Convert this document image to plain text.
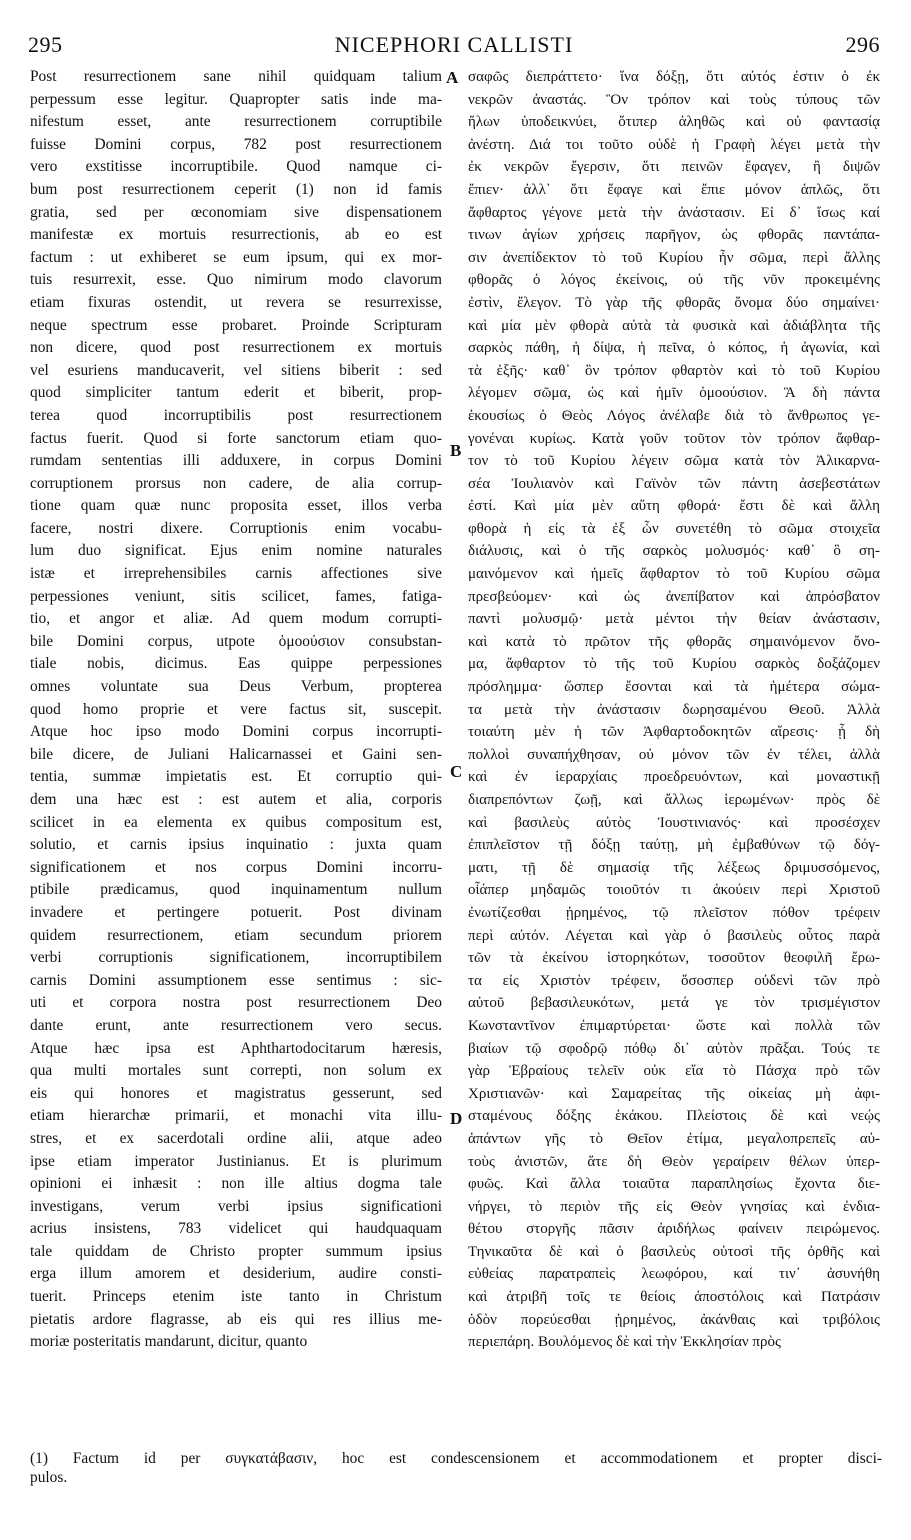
295	NICEPHORI CALLISTI	296
Post resurrectionem sane nihil quidquam talium
perpessum esse legitur. Quapropter satis inde ma-
nifestum esset, ante resurrectionem corruptibile
fuisse Domini corpus, 782 post resurrectionem
vero exstitisse incorruptibile. Quod namque ci-
bum post resurrectionem ceperit (1) non id famis
gratia, sed per œconomiam sive dispensationem
manifestæ ex mortuis resurrectionis, ab eo est
factum : ut exhiberet se eum ipsum, qui ex mor-
tuis resurrexit, esse. Quo nimirum modo clavorum
etiam fixuras ostendit, ut revera se resurrexisse,
neque spectrum esse probaret. Proinde Scripturam
non dicere, quod post resurrectionem ex mortuis
vel esuriens manducaverit, vel sitiens biberit : sed
quod simpliciter tantum ederit et biberit, prop-
terea quod incorruptibilis post resurrectionem
factus fuerit. Quod si forte sanctorum etiam quo-
rumdam sententias illi adduxere, in corpus Domini
corruptionem prorsus non cadere, de alia corrup-
tione quam quæ nunc proposita esset, illos verba
facere, nostri dixere. Corruptionis enim vocabu-
lum duo significat. Ejus enim nomine naturales
istæ et irreprehensibiles carnis affectiones sive
perpessiones veniunt, sitis scilicet, fames, fatiga-
tio, et angor et aliæ. Ad quem modum corrupti-
bile Domini corpus, utpote ὁμοούσιον consubstan-
tiale nobis, dicimus. Eas quippe perpessiones
omnes voluntate sua Deus Verbum, propterea
quod homo proprie et vere factus sit, suscepit.
Atque hoc ipso modo Domini corpus incorrupti-
bile dicere, de Juliani Halicarnassei et Gaini sen-
tentia, summæ impietatis est. Et corruptio qui-
dem una hæc est : est autem et alia, corporis
scilicet in ea elementa ex quibus compositum est,
solutio, et carnis ipsius inquinatio : juxta quam
significationem et nos corpus Domini incorru-
ptibile prædicamus, quod inquinamentum nullum
invadere et pertingere potuerit. Post divinam
quidem resurrectionem, etiam secundum priorem
verbi corruptionis significationem, incorruptibilem
carnis Domini assumptionem esse sentimus : sic-
uti et corpora nostra post resurrectionem Deo
dante erunt, ante resurrectionem vero secus.
Atque hæc ipsa est Aphthartodocitarum hæresis,
qua multi mortales sunt correpti, non solum ex
eis qui honores et magistratus gesserunt, sed
etiam hierarchæ primarii, et monachi vita illu-
stres, et ex sacerdotali ordine alii, atque adeo
ipse etiam imperator Justinianus. Et is plurimum
opinioni ei inhæsit : non ille altius dogma tale
investigans, verum verbi ipsius significationi
acrius insistens, 783 videlicet qui haudquaquam
tale quiddam de Christo propter summum ipsius
erga illum amorem et desiderium, audire consti-
tuerit. Princeps etenim iste tanto in Christum
pietatis ardore flagrasse, ab eis qui res illius me-
moriæ posteritatis mandarunt, dicitur, quanto
σαφῶς διεπράττετο· ἵνα δόξῃ, ὅτι αὐτός ἐστιν ὁ ἐκ
νεκρῶν ἀναστάς. Ὃν τρόπον καὶ τοὺς τύπους τῶν
ἥλων ὑποδεικνύει, ὅτιπερ ἀληθῶς καὶ οὐ φαντασίᾳ
ἀνέστη. Διά τοι τοῦτο οὐδὲ ἡ Γραφὴ λέγει μετὰ τὴν
ἐκ νεκρῶν ἔγερσιν, ὅτι πεινῶν ἔφαγεν, ἢ διψῶν
ἔπιεν· ἀλλ᾽ ὅτι ἔφαγε καὶ ἔπιε μόνον ἁπλῶς, ὅτι
ἄφθαρτος γέγονε μετὰ τὴν ἀνάστασιν. Εἰ δ᾽ ἴσως καί
τινων ἁγίων χρήσεις παρῆγον, ὡς φθορᾶς παντάπα-
σιν ἀνεπίδεκτον τὸ τοῦ Κυρίου ἦν σῶμα, περὶ ἄλλης
φθορᾶς ὁ λόγος ἐκείνοις, οὐ τῆς νῦν προκειμένης
ἐστὶν, ἔλεγον. Τὸ γὰρ τῆς φθορᾶς ὄνομα δύο σημαίνει·
καὶ μία μὲν φθορὰ αὐτὰ τὰ φυσικὰ καὶ ἀδιάβλητα τῆς
σαρκὸς πάθη, ἡ δίψα, ἡ πεῖνα, ὁ κόπος, ἡ ἀγωνία, καὶ
τὰ ἑξῆς· καθ᾽ ὃν τρόπον φθαρτὸν καὶ τὸ τοῦ Κυρίου
λέγομεν σῶμα, ὡς καὶ ἡμῖν ὁμοούσιον. Ἃ δὴ πάντα
ἑκουσίως ὁ Θεὸς Λόγος ἀνέλαβε διὰ τὸ ἄνθρωπος γε-
γονέναι κυρίως. Κατὰ γοῦν τοῦτον τὸν τρόπον ἄφθαρ-
τον τὸ τοῦ Κυρίου λέγειν σῶμα κατὰ τὸν Ἀλικαρνα-
σέα Ἰουλιανὸν καὶ Γαϊνὸν τῶν πάντη ἀσεβεστάτων
ἐστί. Καὶ μία μὲν αὕτη φθορά· ἔστι δὲ καὶ ἄλλη
φθορὰ ἡ εἰς τὰ ἐξ ὧν συνετέθη τὸ σῶμα στοιχεῖα
διάλυσις, καὶ ὁ τῆς σαρκὸς μολυσμός· καθ᾽ ὃ ση-
μαινόμενον καὶ ἡμεῖς ἄφθαρτον τὸ τοῦ Κυρίου σῶμα
πρεσβεύομεν· καὶ ὡς ἀνεπίβατον καὶ ἀπρόσβατον
παντὶ μολυσμῷ· μετὰ μέντοι τὴν θείαν ἀνάστασιν,
καὶ κατὰ τὸ πρῶτον τῆς φθορᾶς σημαινόμενον ὄνο-
μα, ἄφθαρτον τὸ τῆς τοῦ Κυρίου σαρκὸς δοξάζομεν
πρόσλημμα· ὥσπερ ἔσονται καὶ τὰ ἡμέτερα σώμα-
τα μετὰ τὴν ἀνάστασιν δωρησαμένου Θεοῦ. Ἀλλὰ
τοιαύτη μὲν ἡ τῶν Ἀφθαρτοδοκητῶν αἵρεσις· ᾗ δὴ
πολλοὶ συναπήχθησαν, οὐ μόνον τῶν ἐν τέλει, ἀλλὰ
καὶ ἐν ἱεραρχίαις προεδρευόντων, καὶ μοναστικῇ
διαπρεπόντων ζωῇ, καὶ ἄλλως ἱερωμένων· πρὸς δὲ
καὶ βασιλεὺς αὐτὸς Ἰουστινιανός· καὶ προσέσχεν
ἐπιπλεῖστον τῇ δόξῃ ταύτῃ, μὴ ἐμβαθύνων τῷ δόγ-
ματι, τῇ δὲ σημασίᾳ τῆς λέξεως δριμυσσόμενος,
οἷάπερ μηδαμῶς τοιοῦτόν τι ἀκούειν περὶ Χριστοῦ
ἐνωτίζεσθαι ᾑρημένος, τῷ πλεῖστον πόθον τρέφειν
περὶ αὐτόν. Λέγεται καὶ γὰρ ὁ βασιλεὺς οὗτος παρὰ
τῶν τὰ ἐκείνου ἱστορηκότων, τοσοῦτον θεοφιλῆ ἔρω-
τα εἰς Χριστὸν τρέφειν, ὅσοσπερ οὐδενὶ τῶν πρὸ
αὐτοῦ βεβασιλευκότων, μετά γε τὸν τρισμέγιστον
Κωνσταντῖνον ἐπιμαρτύρεται· ὥστε καὶ πολλὰ τῶν
βιαίων τῷ σφοδρῷ πόθῳ δι᾽ αὐτὸν πρᾶξαι. Τούς τε
γὰρ Ἑβραίους τελεῖν οὐκ εἴα τὸ Πάσχα πρὸ τῶν
Χριστιανῶν· καὶ Σαμαρείτας τῆς οἰκείας μὴ ἀφι-
σταμένους δόξης ἑκάκου. Πλείστοις δὲ καὶ νεῴς
ἁπάντων γῆς τὸ Θεῖον ἐτίμα, μεγαλοπρεπεῖς αὐ-
τοὺς ἀνιστῶν, ἅτε δὴ Θεὸν γεραίρειν θέλων ὑπερ-
φυῶς. Καὶ ἄλλα τοιαῦτα παραπλησίως ἔχοντα διε-
νήργει, τὸ περιὸν τῆς εἰς Θεὸν γνησίας καὶ ἐνδια-
θέτου στοργῆς πᾶσιν ἀριδήλως φαίνειν πειρώμενος.
Τηνικαῦτα δὲ καὶ ὁ βασιλεὺς οὑτοσὶ τῆς ὀρθῆς καὶ
εὐθείας παρατραπεὶς λεωφόρου, καί τιν᾽ ἀσυνήθη
καὶ ἀτριβῆ τοῖς τε θείοις ἀποστόλοις καὶ Πατράσιν
ὁδὸν πορεύεσθαι ᾑρημένος, ἀκάνθαις καὶ τριβόλοις
περιεπάρη. Βουλόμενος δὲ καὶ τὴν Ἐκκλησίαν πρὸς
A
B
C
D
(1) Factum id per συγκατάβασιν, hoc est condescensionem et accommodationem et propter disci-
pulos.
